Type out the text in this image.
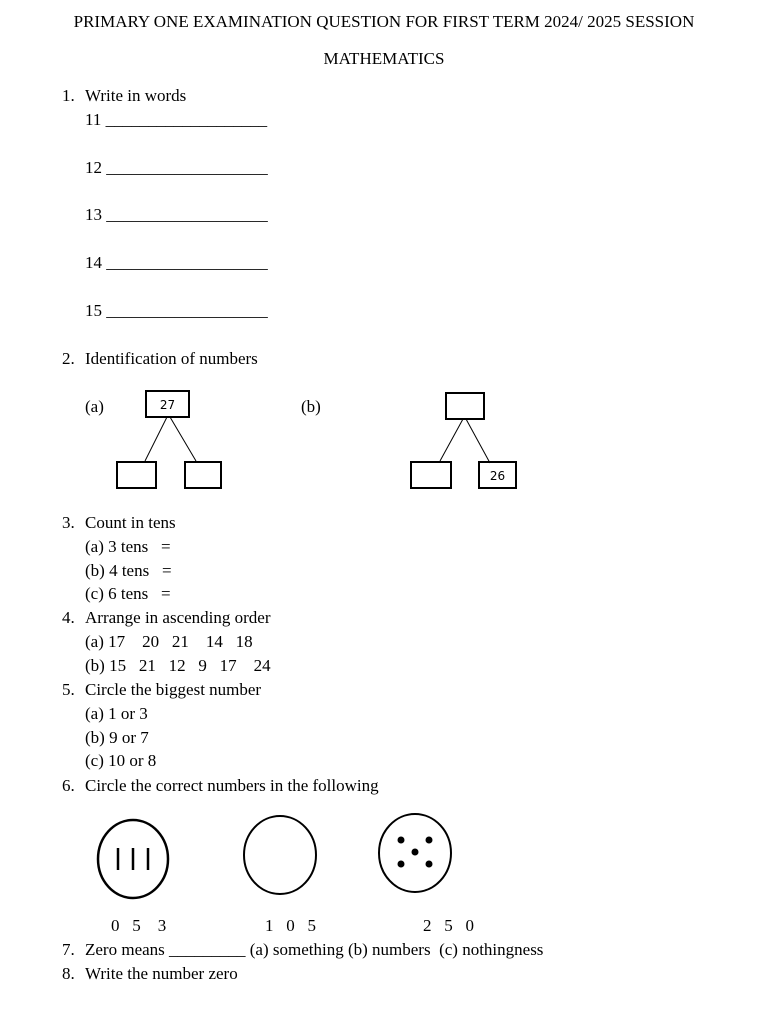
PRIMARY ONE EXAMINATION QUESTION FOR FIRST TERM 2024/ 2025 SESSION
MATHEMATICS
1. Write in words
11 ___________________
12 ___________________
13 ___________________
14 ___________________
15 ___________________
2. Identification of numbers
(a)	(b)
27
26
3. Count in tens
(a) 3 tens   =
(b) 4 tens   =
(c) 6 tens   =
4. Arrange in ascending order
(a) 17    20   21    14   18
(b) 15   21   12   9   17    24
5. Circle the biggest number
(a) 1 or 3
(b) 9 or 7
(c) 10 or 8
6. Circle the correct numbers in the following
0   5    3	1   0   5	2   5   0
7. Zero means _________ (a) something (b) numbers  (c) nothingness
8. Write the number zero
